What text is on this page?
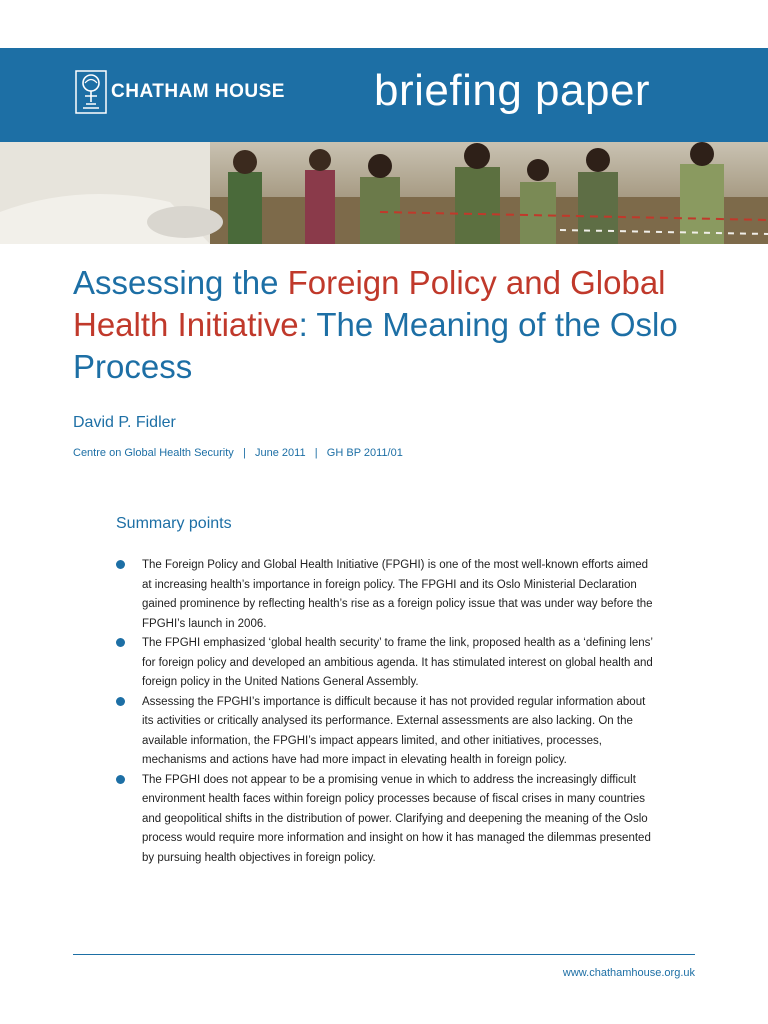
CHATHAM HOUSE briefing paper
Assessing the Foreign Policy and Global Health Initiative: The Meaning of the Oslo Process
David P. Fidler
Centre on Global Health Security | June 2011 | GH BP 2011/01
Summary points
The Foreign Policy and Global Health Initiative (FPGHI) is one of the most well-known efforts aimed at increasing health’s importance in foreign policy. The FPGHI and its Oslo Ministerial Declaration gained prominence by reflecting health’s rise as a foreign policy issue that was under way before the FPGHI’s launch in 2006.
The FPGHI emphasized ‘global health security’ to frame the link, proposed health as a ‘defining lens’ for foreign policy and developed an ambitious agenda. It has stimulated interest on global health and foreign policy in the United Nations General Assembly.
Assessing the FPGHI’s importance is difficult because it has not provided regular information about its activities or critically analysed its performance. External assessments are also lacking. On the available information, the FPGHI’s impact appears limited, and other initiatives, processes, mechanisms and actions have had more impact in elevating health in foreign policy.
The FPGHI does not appear to be a promising venue in which to address the increasingly difficult environment health faces within foreign policy processes because of fiscal crises in many countries and geopolitical shifts in the distribution of power. Clarifying and deepening the meaning of the Oslo process would require more information and insight on how it has managed the dilemmas presented by pursuing health objectives in foreign policy.
www.chathamhouse.org.uk
